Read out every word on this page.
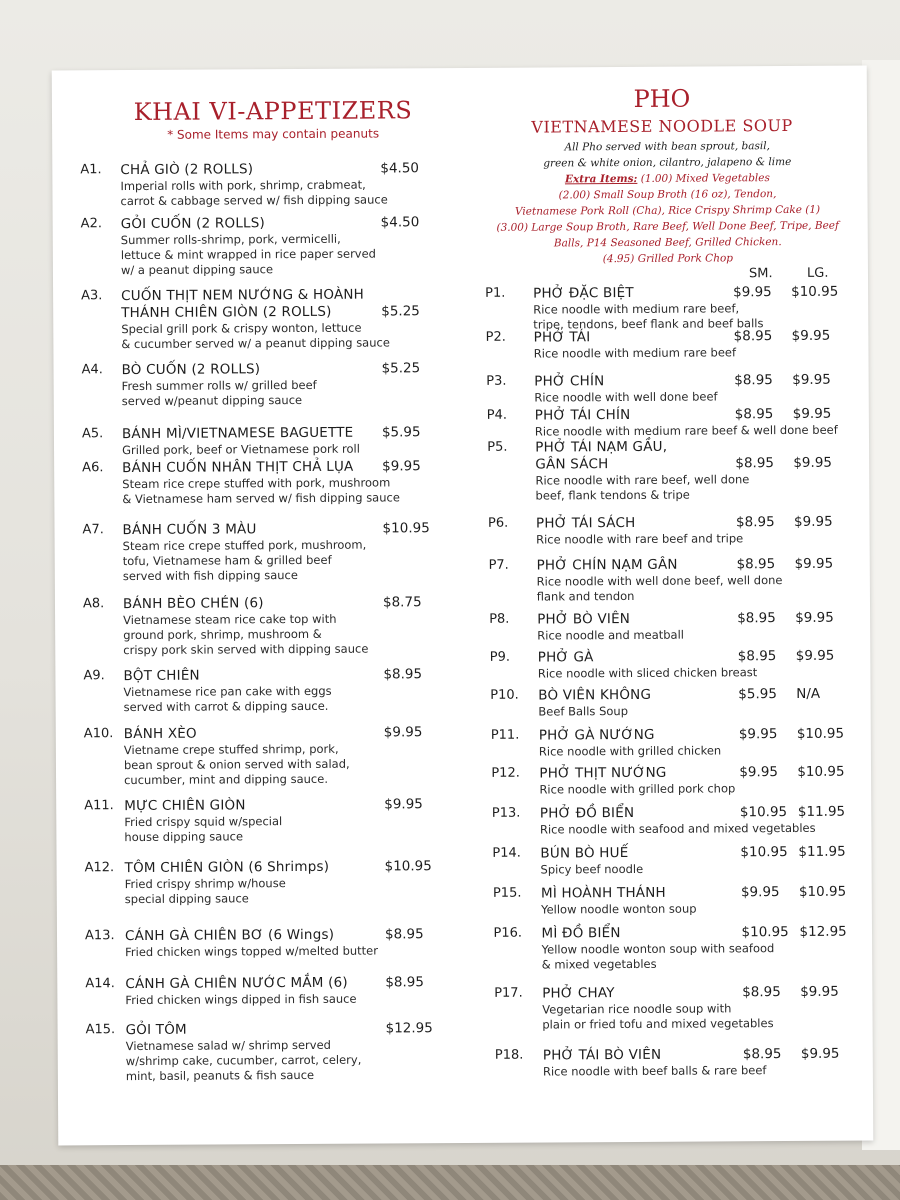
KHAI VI-APPETIZERS
* Some Items may contain peanuts
A1. CHẢ GIÒ (2 ROLLS)	$4.50
Imperial rolls with pork, shrimp, crabmeat,
carrot & cabbage served w/ fish dipping sauce
A2. GỎI CUỐN (2 ROLLS)	$4.50
Summer rolls-shrimp, pork, vermicelli,
lettuce & mint wrapped in rice paper served
w/ a peanut dipping sauce
A3. CUỐN THỊT NEM NƯỚNG & HOÀNH
THÁNH CHIÊN GIÒN (2 ROLLS)	$5.25
Special grill pork & crispy wonton, lettuce
& cucumber served w/ a peanut dipping sauce
A4. BÒ CUỐN (2 ROLLS)	$5.25
Fresh summer rolls w/ grilled beef
served w/peanut dipping sauce
A5. BÁNH MÌ/VIETNAMESE BAGUETTE $5.95
Grilled pork, beef or Vietnamese pork roll
A6. BÁNH CUỐN NHÂN THỊT CHẢ LỤA $9.95
Steam rice crepe stuffed with pork, mushroom
& Vietnamese ham served w/ fish dipping sauce
A7. BÁNH CUỐN 3 MÀU	$10.95
Steam rice crepe stuffed pork, mushroom,
tofu, Vietnamese ham & grilled beef
served with fish dipping sauce
A8. BÁNH BÈO CHÉN (6)	$8.75
Vietnamese steam rice cake top with
ground pork, shrimp, mushroom &
crispy pork skin served with dipping sauce
A9. BỘT CHIÊN	$8.95
Vietnamese rice pan cake with eggs
served with carrot & dipping sauce.
A10. BÁNH XÈO	$9.95
Vietname crepe stuffed shrimp, pork,
bean sprout & onion served with salad,
cucumber, mint and dipping sauce.
A11. MỰC CHIÊN GIÒN	$9.95
Fried crispy squid w/special
house dipping sauce
A12. TÔM CHIÊN GIÒN (6 Shrimps)	$10.95
Fried crispy shrimp w/house
special dipping sauce
A13. CÁNH GÀ CHIÊN BƠ (6 Wings)	$8.95
Fried chicken wings topped w/melted butter
A14. CÁNH GÀ CHIÊN NƯỚC MẮM (6)	$8.95
Fried chicken wings dipped in fish sauce
A15. GỎI TÔM	$12.95
Vietnamese salad w/ shrimp served
w/shrimp cake, cucumber, carrot, celery,
mint, basil, peanuts & fish sauce
PHO
VIETNAMESE NOODLE SOUP
All Pho served with bean sprout, basil,
green & white onion, cilantro, jalapeno & lime
Extra Items: (1.00) Mixed Vegetables
(2.00) Small Soup Broth (16 oz), Tendon,
Vietnamese Pork Roll (Cha), Rice Crispy Shrimp Cake (1)
(3.00) Large Soup Broth, Rare Beef, Well Done Beef, Tripe, Beef
Balls, P14 Seasoned Beef, Grilled Chicken.
(4.95) Grilled Pork Chop
SM.	LG.
P1. PHỞ ĐẶC BIỆT	$9.95 $10.95
Rice noodle with medium rare beef,
tripe, tendons, beef flank and beef balls
P2. PHỞ TÁI	$8.95 $9.95
Rice noodle with medium rare beef
P3. PHỞ CHÍN	$8.95 $9.95
Rice noodle with well done beef
P4. PHỞ TÁI CHÍN	$8.95 $9.95
Rice noodle with medium rare beef & well done beef
P5. PHỞ TÁI NẠM GẦU,
GÂN SÁCH	$8.95 $9.95
Rice noodle with rare beef, well done
beef, flank tendons & tripe
P6. PHỞ TÁI SÁCH	$8.95 $9.95
Rice noodle with rare beef and tripe
P7. PHỞ CHÍN NẠM GÂN	$8.95 $9.95
Rice noodle with well done beef, well done
flank and tendon
P8. PHỞ BÒ VIÊN	$8.95 $9.95
Rice noodle and meatball
P9. PHỞ GÀ	$8.95 $9.95
Rice noodle with sliced chicken breast
P10. BÒ VIÊN KHÔNG	$5.95 N/A
Beef Balls Soup
P11. PHỞ GÀ NƯỚNG	$9.95 $10.95
Rice noodle with grilled chicken
P12. PHỞ THỊT NƯỚNG	$9.95 $10.95
Rice noodle with grilled pork chop
P13. PHỞ ĐỒ BIỂN	$10.95 $11.95
Rice noodle with seafood and mixed vegetables
P14. BÚN BÒ HUẾ	$10.95 $11.95
Spicy beef noodle
P15. MÌ HOÀNH THÁNH	$9.95 $10.95
Yellow noodle wonton soup
P16. MÌ ĐỒ BIỂN	$10.95 $12.95
Yellow noodle wonton soup with seafood
& mixed vegetables
P17. PHỞ CHAY	$8.95 $9.95
Vegetarian rice noodle soup with
plain or fried tofu and mixed vegetables
P18. PHỞ TÁI BÒ VIÊN	$8.95 $9.95
Rice noodle with beef balls & rare beef
